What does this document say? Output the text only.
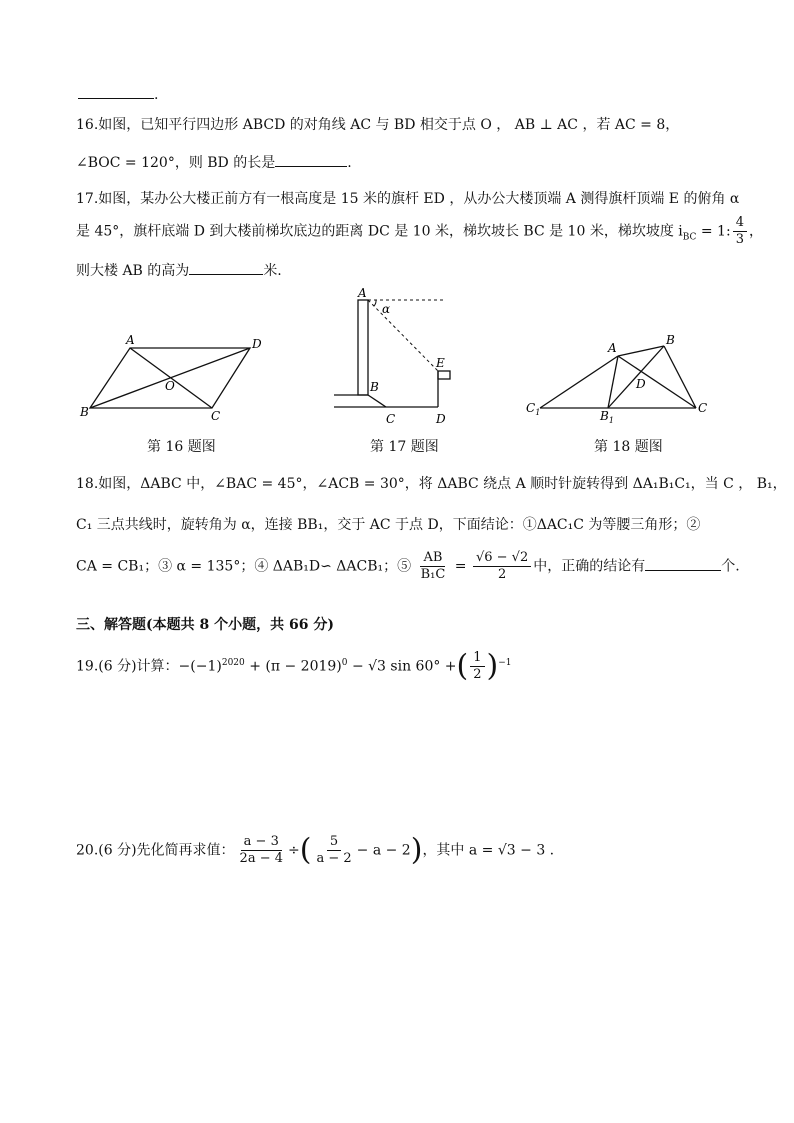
.
16.如图，已知平行四边形 ABCD 的对角线 AC 与 BD 相交于点 O ， AB ⊥ AC ，若 AC = 8，
∠BOC = 120°，则 BD 的长是	.
17.如图，某办公大楼正前方有一根高度是 15 米的旗杆 ED ，从办公大楼顶端 A 测得旗杆顶端 E 的俯角 α
是 45°，旗杆底端 D 到大楼前梯坎底边的距离 DC 是 10 米，梯坎坡长 BC 是 10 米，梯坎坡度 $i_{BC} = 1$: $\frac{4}{3}$ ，
则大楼 AB 的高为	米.
A	D
B	C
O
第 16 题图
A
α
B
C	D
E
第 17 题图
A
B
C
D
$C_1$	$B_1$
第 18 题图
18.如图，ΔABC 中，∠BAC = 45°，∠ACB = 30°，将 ΔABC 绕点 A 顺时针旋转得到 ΔA₁B₁C₁，当 C ， B₁，
C₁ 三点共线时，旋转角为 α，连接 BB₁，交于 AC 于点 D，下面结论：①ΔAC₁C 为等腰三角形；②
CA = CB₁；③ α = 135°；④ ΔAB₁D∽ ΔACB₁；⑤ $\frac{AB}{\text{B₁C}} = \frac{√6 - √2}{2}$ 中，正确的结论有	个.
三、解答题(本题共 8 个小题，共 66 分)
19.(6 分)计算：$-(-1)^{2020} + (\pi - 2019)^0 - √3$ sin 60° +( $\frac{1}{2} )^{-1}$
20.(6 分)先化简再求值： $\frac{a - 3}{2a - 4}$ ÷( $\frac{5}{a - 2} - a - 2$)，其中 a = √3 − 3 .
